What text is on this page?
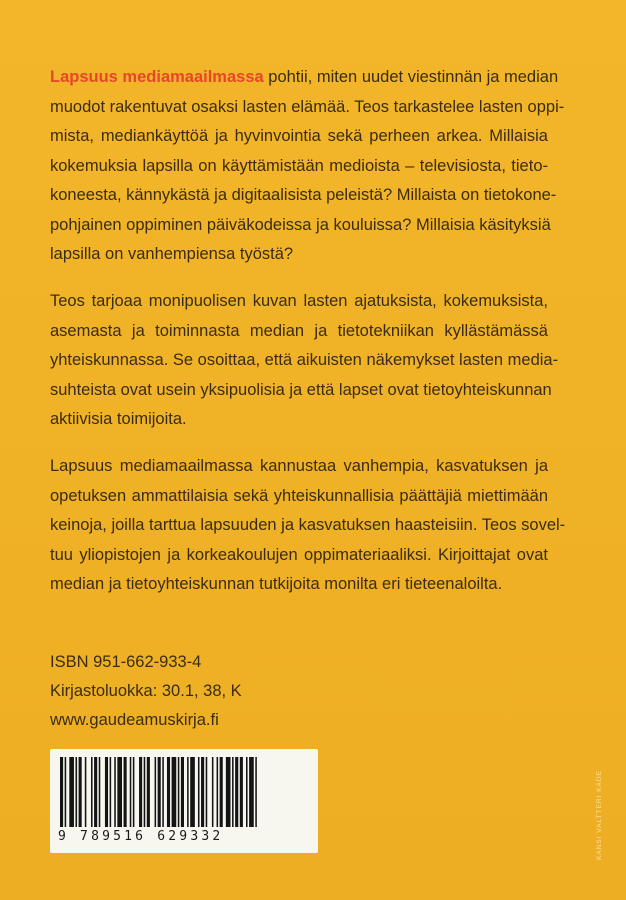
Lapsuus mediamaailmassa pohtii, miten uudet viestinnän ja median
muodot rakentuvat osaksi lasten elämää. Teos tarkastelee lasten oppi-
mista, mediankäyttöä ja hyvinvointia sekä perheen arkea. Millaisia
kokemuksia lapsilla on käyttämistään medioista – televisiosta, tieto-
koneesta, kännykästä ja digitaalisista peleistä? Millaista on tietokone-
pohjainen oppiminen päiväkodeissa ja kouluissa? Millaisia käsityksiä
lapsilla on vanhempiensa työstä?

Teos tarjoaa monipuolisen kuvan lasten ajatuksista, kokemuksista,
asemasta ja toiminnasta median ja tietotekniikan kyllästämässä
yhteiskunnassa. Se osoittaa, että aikuisten näkemykset lasten media-
suhteista ovat usein yksipuolisia ja että lapset ovat tietoyhteiskunnan
aktiivisia toimijoita.

Lapsuus mediamaailmassa kannustaa vanhempia, kasvatuksen ja
opetuksen ammattilaisia sekä yhteiskunnallisia päättäjiä miettimään
keinoja, joilla tarttua lapsuuden ja kasvatuksen haasteisiin. Teos sovel-
tuu yliopistojen ja korkeakoulujen oppimateriaaliksi. Kirjoittajat ovat
median ja tietoyhteiskunnan tutkijoita monilta eri tieteenaloilta.

ISBN 951-662-933-4
Kirjastoluokka: 30.1, 38, K
www.gaudeamuskirja.fi
9 789516 629332	KANSI VALTTERI KADE
